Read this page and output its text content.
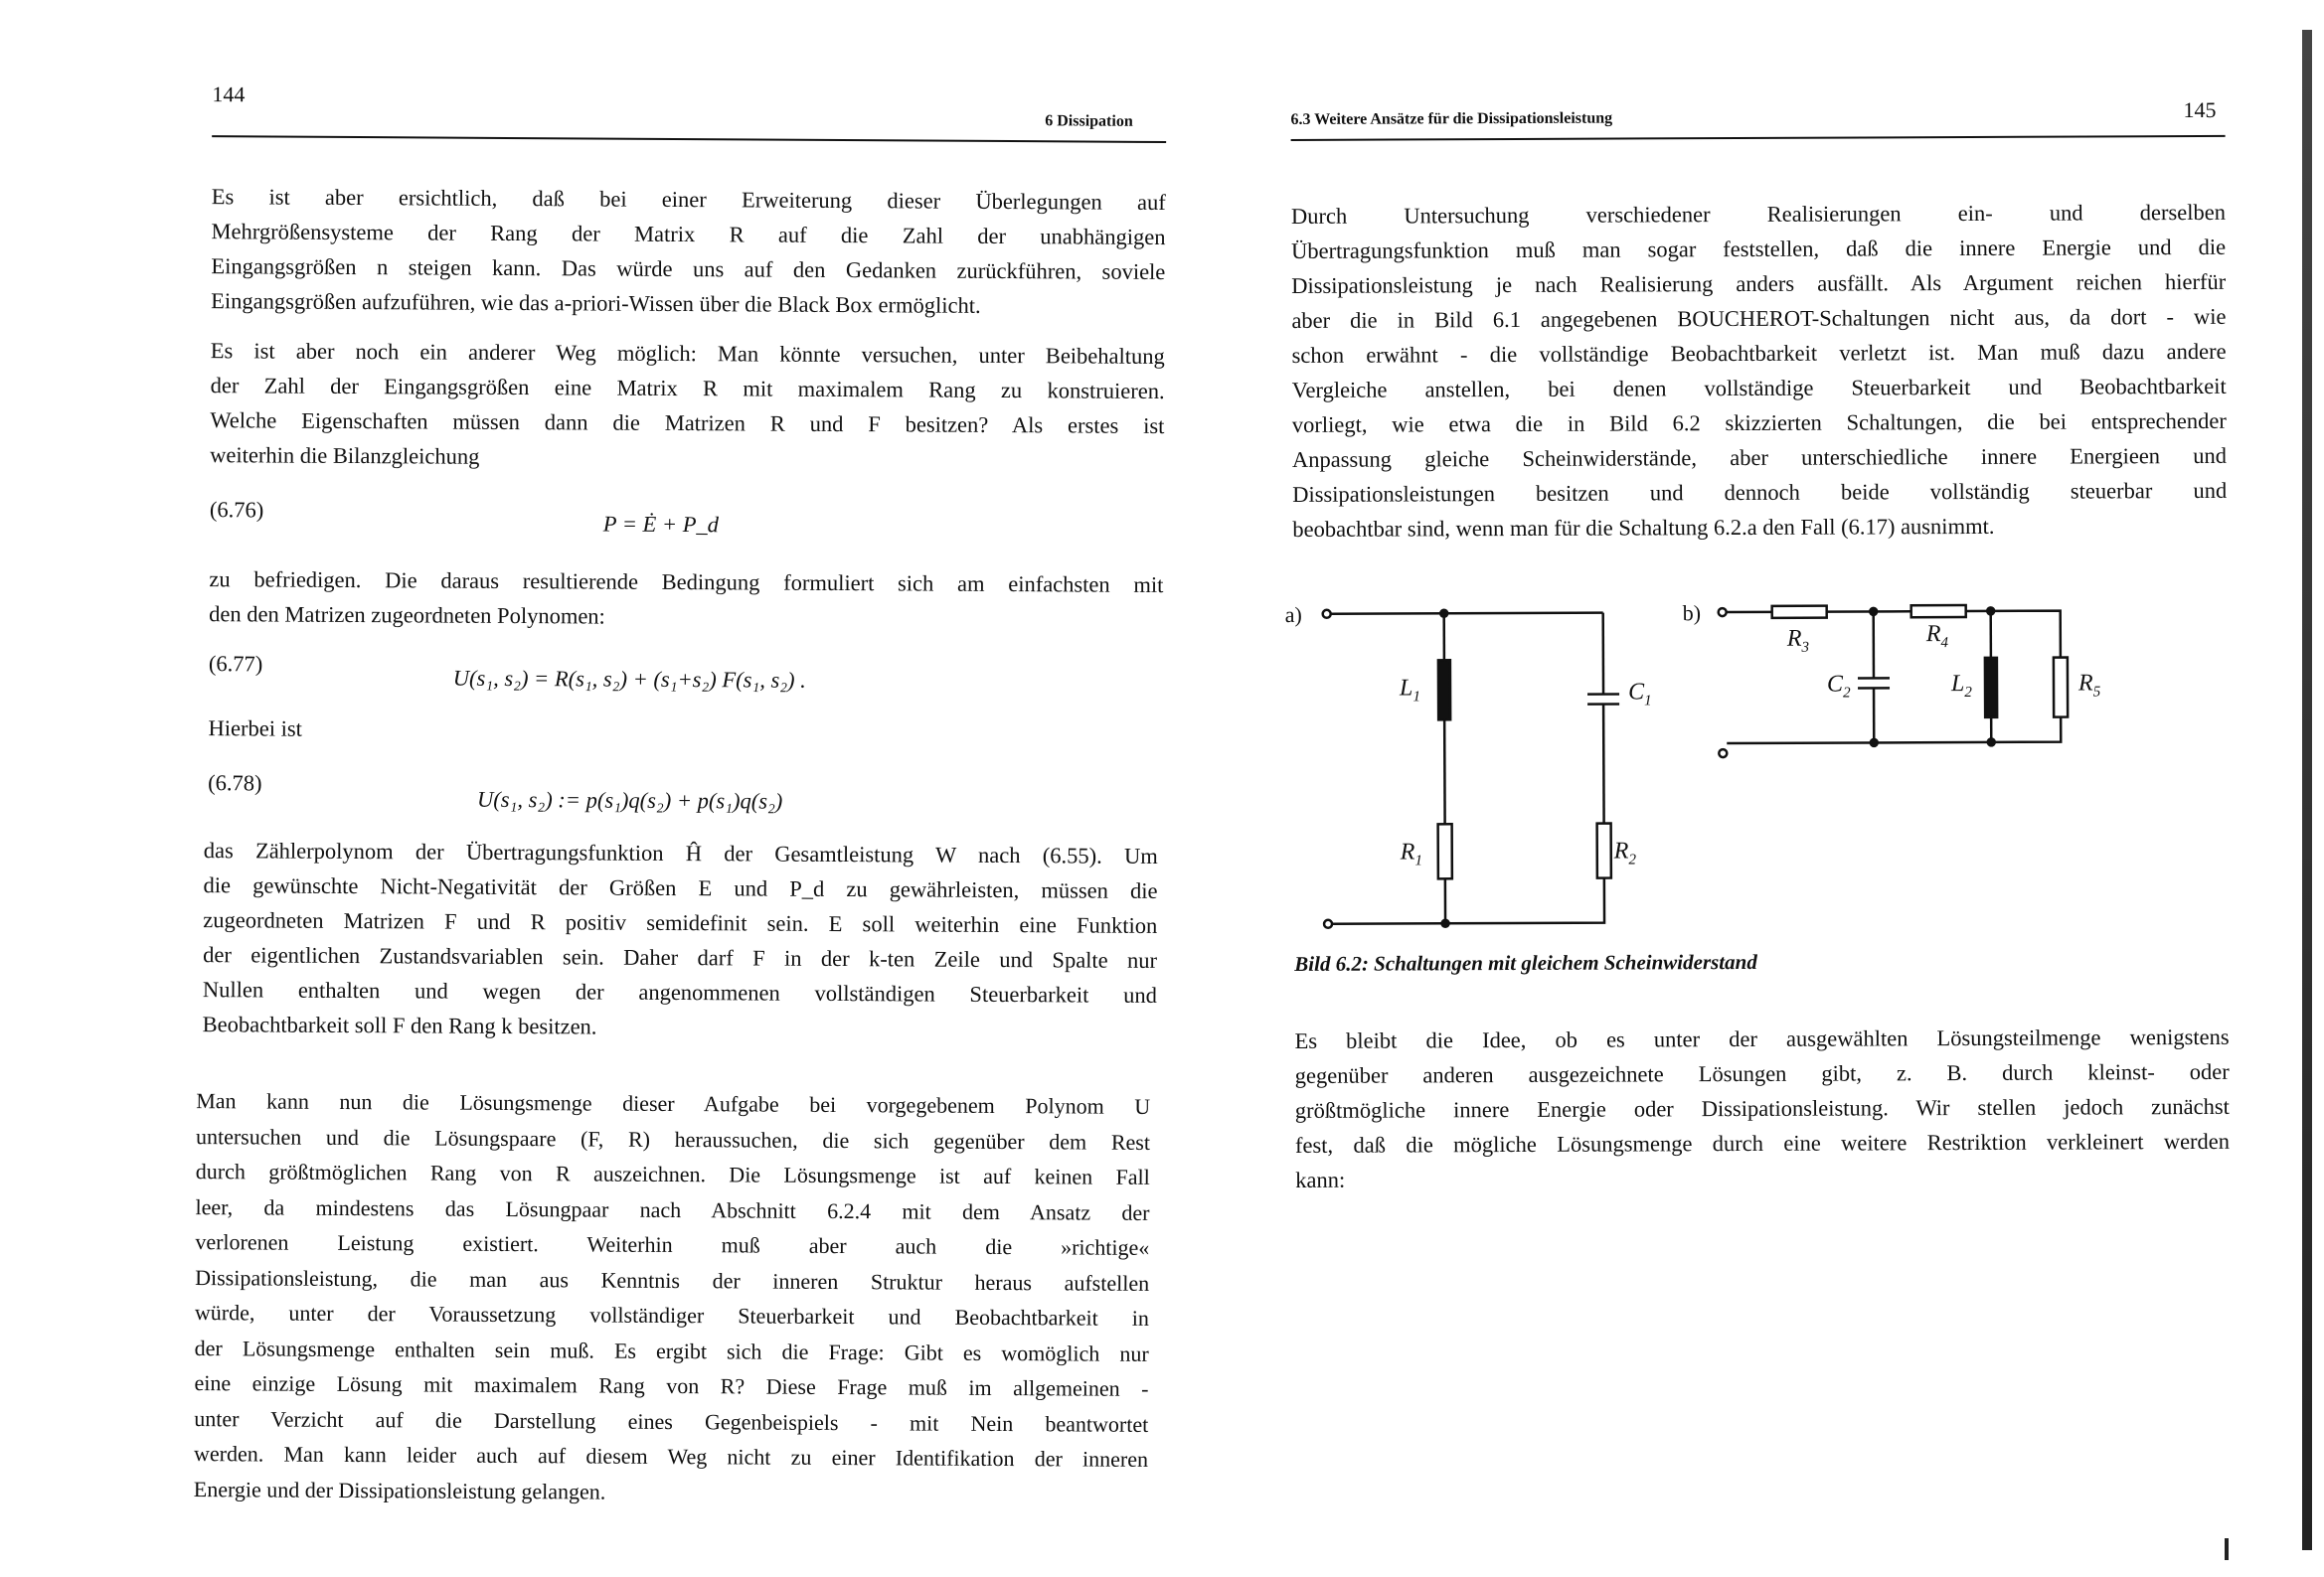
144
6 Dissipation
Es ist aber ersichtlich, daß bei einer Erweiterung dieser Überlegungen auf
Mehrgrößensysteme der Rang der Matrix R auf die Zahl der unabhängigen
Eingangsgrößen n steigen kann. Das würde uns auf den Gedanken zurückführen, soviele
Eingangsgrößen aufzuführen, wie das a-priori-Wissen über die Black Box ermöglicht.
Es ist aber noch ein anderer Weg möglich: Man könnte versuchen, unter Beibehaltung
der Zahl der Eingangsgrößen eine Matrix R mit maximalem Rang zu konstruieren.
Welche Eigenschaften müssen dann die Matrizen R und F besitzen? Als erstes ist
weiterhin die Bilanzgleichung
(6.76)
P = Ė + P_d
zu befriedigen. Die daraus resultierende Bedingung formuliert sich am einfachsten mit
den den Matrizen zugeordneten Polynomen:
(6.77)
U(s₁, s₂) = R(s₁, s₂) + (s₁+s₂) F(s₁, s₂) .
Hierbei ist
(6.78)
U(s₁, s₂) := p(s₁)q(s₂) + p(s₁)q(s₂)
das Zählerpolynom der Übertragungsfunktion Ĥ der Gesamtleistung W nach (6.55). Um
die gewünschte Nicht-Negativität der Größen E und P_d zu gewährleisten, müssen die
zugeordneten Matrizen F und R positiv semidefinit sein. E soll weiterhin eine Funktion
der eigentlichen Zustandsvariablen sein. Daher darf F in der k-ten Zeile und Spalte nur
Nullen enthalten und wegen der angenommenen vollständigen Steuerbarkeit und
Beobachtbarkeit soll F den Rang k besitzen.
Man kann nun die Lösungsmenge dieser Aufgabe bei vorgegebenem Polynom U
untersuchen und die Lösungspaare (F, R) heraussuchen, die sich gegenüber dem Rest
durch größtmöglichen Rang von R auszeichnen. Die Lösungsmenge ist auf keinen Fall
leer, da mindestens das Lösungpaar nach Abschnitt 6.2.4 mit dem Ansatz der
verlorenen Leistung existiert. Weiterhin muß aber auch die »richtige«
Dissipationsleistung, die man aus Kenntnis der inneren Struktur heraus aufstellen
würde, unter der Voraussetzung vollständiger Steuerbarkeit und Beobachtbarkeit in
der Lösungsmenge enthalten sein muß. Es ergibt sich die Frage: Gibt es womöglich nur
eine einzige Lösung mit maximalem Rang von R? Diese Frage muß im allgemeinen -
unter Verzicht auf die Darstellung eines Gegenbeispiels - mit Nein beantwortet
werden. Man kann leider auch auf diesem Weg nicht zu einer Identifikation der inneren
Energie und der Dissipationsleistung gelangen.
6.3 Weitere Ansätze für die Dissipationsleistung	145
Durch Untersuchung verschiedener Realisierungen ein- und derselben
Übertragungsfunktion muß man sogar feststellen, daß die innere Energie und die
Dissipationsleistung je nach Realisierung anders ausfällt. Als Argument reichen hierfür
aber die in Bild 6.1 angegebenen BOUCHEROT-Schaltungen nicht aus, da dort - wie
schon erwähnt - die vollständige Beobachtbarkeit verletzt ist. Man muß dazu andere
Vergleiche anstellen, bei denen vollständige Steuerbarkeit und Beobachtbarkeit
vorliegt, wie etwa die in Bild 6.2 skizzierten Schaltungen, die bei entsprechender
Anpassung gleiche Scheinwiderstände, aber unterschiedliche innere Energieen und
Dissipationsleistungen besitzen und dennoch beide vollständig steuerbar und
beobachtbar sind, wenn man für die Schaltung 6.2.a den Fall (6.17) ausnimmt.
a)
$L_1$	$C_1$
$R_1$	$R_2$
b)
$R_3$
$R_4$
$C_2$	$L_2$	$R_5$
Bild 6.2: Schaltungen mit gleichem Scheinwiderstand
Es bleibt die Idee, ob es unter der ausgewählten Lösungsteilmenge wenigstens
gegenüber anderen ausgezeichnete Lösungen gibt, z. B. durch kleinst- oder
größtmögliche innere Energie oder Dissipationsleistung. Wir stellen jedoch zunächst
fest, daß die mögliche Lösungsmenge durch eine weitere Restriktion verkleinert werden
kann:
